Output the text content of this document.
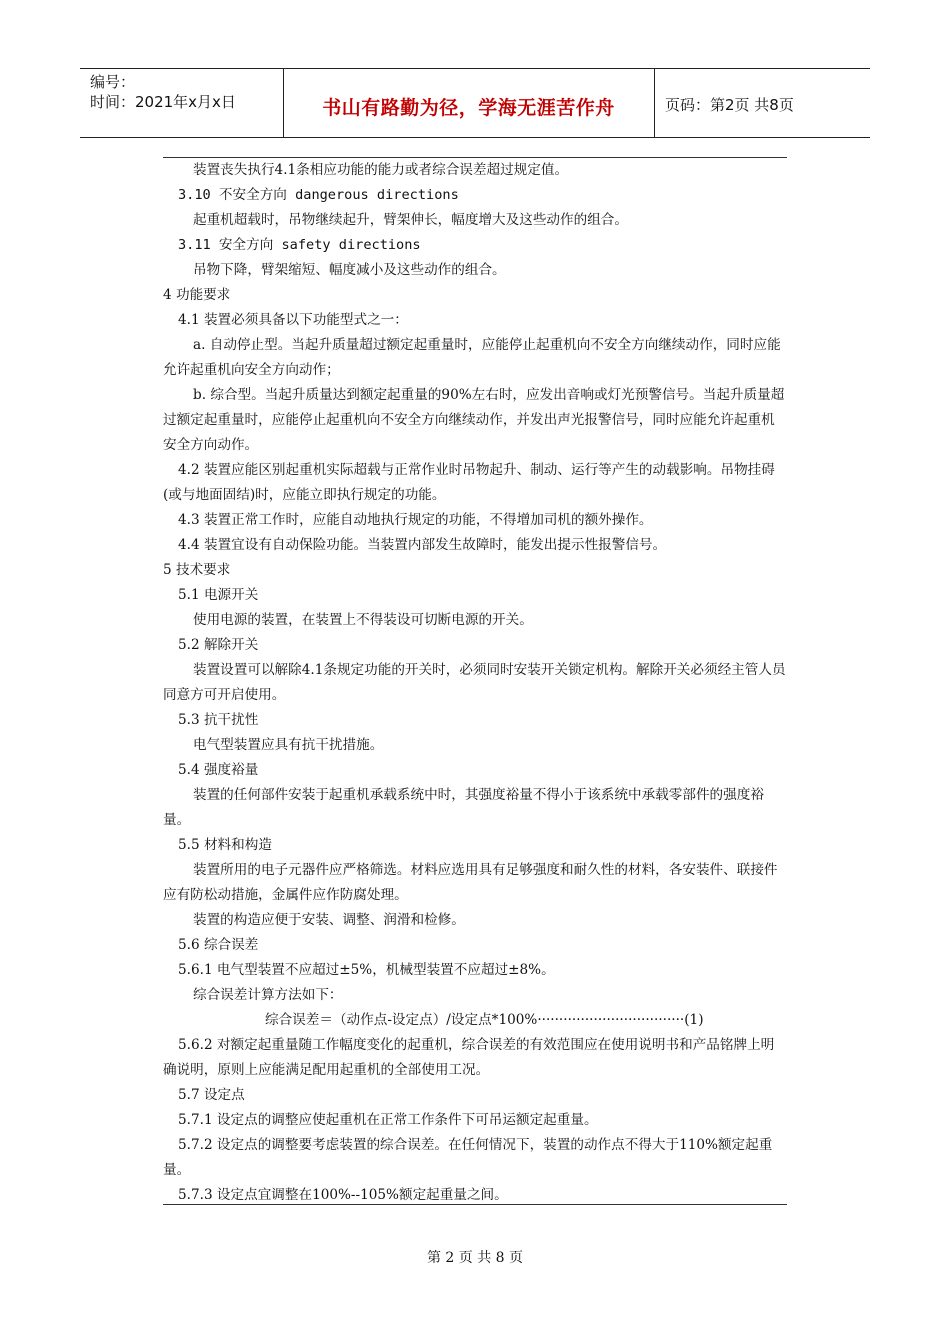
编号：
时间：2021年x月x日	书山有路勤为径，学海无涯苦作舟	页码：第2页 共8页

装置丧失执行4.1条相应功能的能力或者综合误差超过规定值。

3.10 不安全方向 dangerous directions

起重机超载时，吊物继续起升，臂架伸长，幅度增大及这些动作的组合。

3.11 安全方向 safety directions

吊物下降，臂架缩短、幅度减小及这些动作的组合。

4 功能要求

4.1 装置必须具备以下功能型式之一：

a. 自动停止型。当起升质量超过额定起重量时，应能停止起重机向不安全方向继续动作，同时应能允许起重机向安全方向动作；

b. 综合型。当起升质量达到额定起重量的90%左右时，应发出音响或灯光预警信号。当起升质量超过额定起重量时，应能停止起重机向不安全方向继续动作，并发出声光报警信号，同时应能允许起重机安全方向动作。

4.2 装置应能区别起重机实际超载与正常作业时吊物起升、制动、运行等产生的动载影响。吊物挂碍(或与地面固结)时，应能立即执行规定的功能。

4.3 装置正常工作时，应能自动地执行规定的功能，不得增加司机的额外操作。

4.4 装置宜设有自动保险功能。当装置内部发生故障时，能发出提示性报警信号。

5 技术要求

5.1 电源开关

使用电源的装置，在装置上不得装设可切断电源的开关。

5.2 解除开关

装置设置可以解除4.1条规定功能的开关时，必须同时安装开关锁定机构。解除开关必须经主管人员同意方可开启使用。

5.3 抗干扰性

电气型装置应具有抗干扰措施。

5.4 强度裕量

装置的任何部件安装于起重机承载系统中时，其强度裕量不得小于该系统中承载零部件的强度裕量。

5.5 材料和构造

装置所用的电子元器件应严格筛选。材料应选用具有足够强度和耐久性的材料，各安装件、联接件应有防松动措施，金属件应作防腐处理。

装置的构造应便于安装、调整、润滑和检修。

5.6 综合误差

5.6.1 电气型装置不应超过±5%，机械型装置不应超过±8%。

综合误差计算方法如下：

综合误差＝（动作点-设定点）/设定点*100%··································(1)

5.6.2 对额定起重量随工作幅度变化的起重机，综合误差的有效范围应在使用说明书和产品铭牌上明确说明，原则上应能满足配用起重机的全部使用工况。

5.7 设定点

5.7.1 设定点的调整应使起重机在正常工作条件下可吊运额定起重量。

5.7.2 设定点的调整要考虑装置的综合误差。在任何情况下，装置的动作点不得大于110%额定起重量。

5.7.3 设定点宜调整在100%--105%额定起重量之间。

第 2 页 共 8 页
